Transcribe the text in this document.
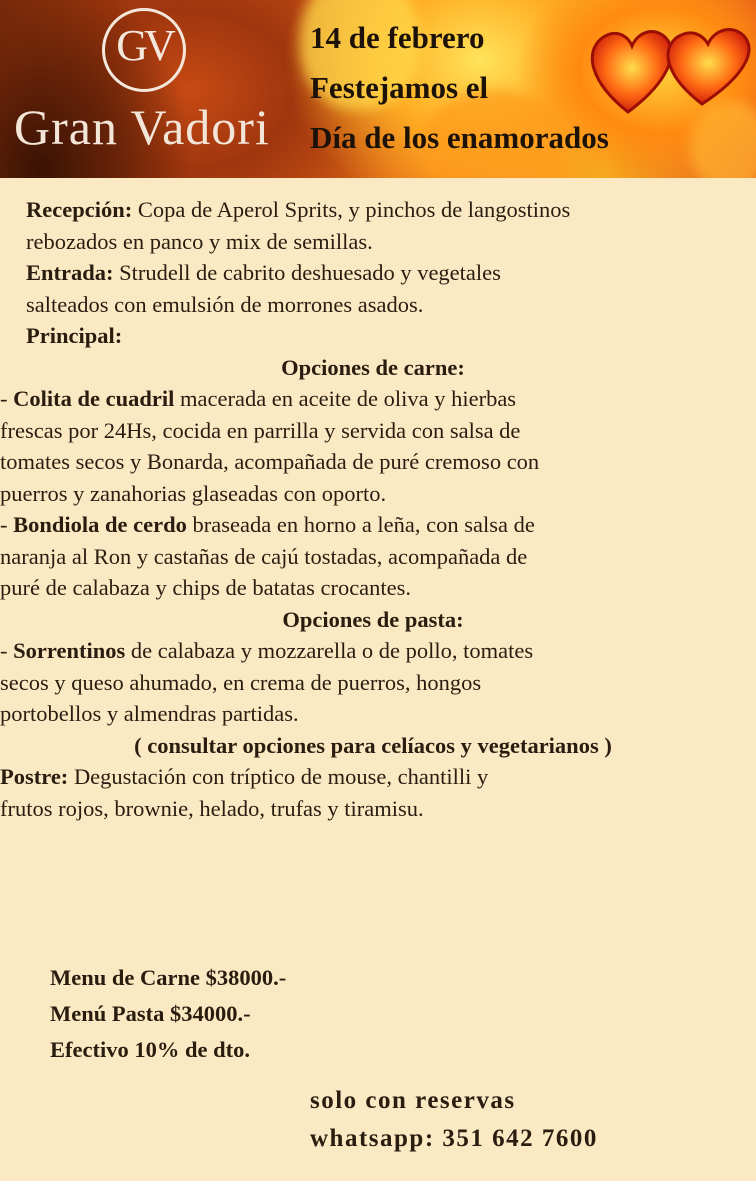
GV
Gran Vadori

14 de febrero

Festejamos el

Día de los enamorados

Recepción: Copa de Aperol Sprits, y pinchos de langostinos

rebozados en panco y mix de semillas.

Entrada: Strudell de cabrito deshuesado y vegetales

salteados con emulsión de morrones asados.

Principal:

Opciones de carne:

- Colita de cuadril macerada en aceite de oliva y hierbas

frescas por 24Hs, cocida en parrilla y servida con salsa de

tomates secos y Bonarda, acompañada de puré cremoso con

puerros y zanahorias glaseadas con oporto.

- Bondiola de cerdo braseada en horno a leña, con salsa de

naranja al Ron y castañas de cajú tostadas, acompañada de

puré de calabaza y chips de batatas crocantes.

Opciones de pasta:

- Sorrentinos de calabaza y mozzarella o de pollo, tomates

secos y queso ahumado, en crema de puerros, hongos

portobellos y almendras partidas.

( consultar opciones para celíacos y vegetarianos )

Postre: Degustación con tríptico de mouse, chantilli y

frutos rojos, brownie, helado, trufas y tiramisu.

Menu de Carne $38000.-

Menú Pasta $34000.-

Efectivo 10% de dto.

solo con reservas

whatsapp: 351 642 7600
